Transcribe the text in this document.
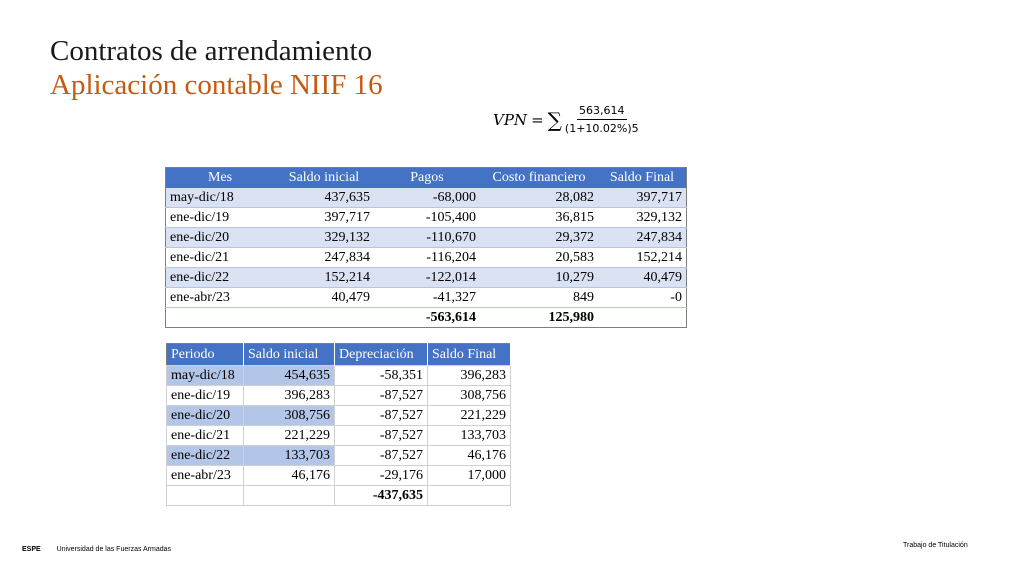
Contratos de arrendamiento
Aplicación contable NIIF 16
VPN = ∑ $\frac{563,614}{(1+10.02\%)5}$
Mes	Saldo inicial	Pagos	Costo financiero	Saldo Final
may-dic/18	437,635	-68,000	28,082	397,717
ene-dic/19	397,717	-105,400	36,815	329,132
ene-dic/20	329,132	-110,670	29,372	247,834
ene-dic/21	247,834	-116,204	20,583	152,214
ene-dic/22	152,214	-122,014	10,279	40,479
ene-abr/23	40,479	-41,327	849	-0
		-563,614	125,980	
Periodo	Saldo inicial	Depreciación	Saldo Final
may-dic/18	454,635	-58,351	396,283
ene-dic/19	396,283	-87,527	308,756
ene-dic/20	308,756	-87,527	221,229
ene-dic/21	221,229	-87,527	133,703
ene-dic/22	133,703	-87,527	46,176
ene-abr/23	46,176	-29,176	17,000
		-437,635	
ESPE Universidad de las Fuerzas Armadas
Trabajo de Titulación
